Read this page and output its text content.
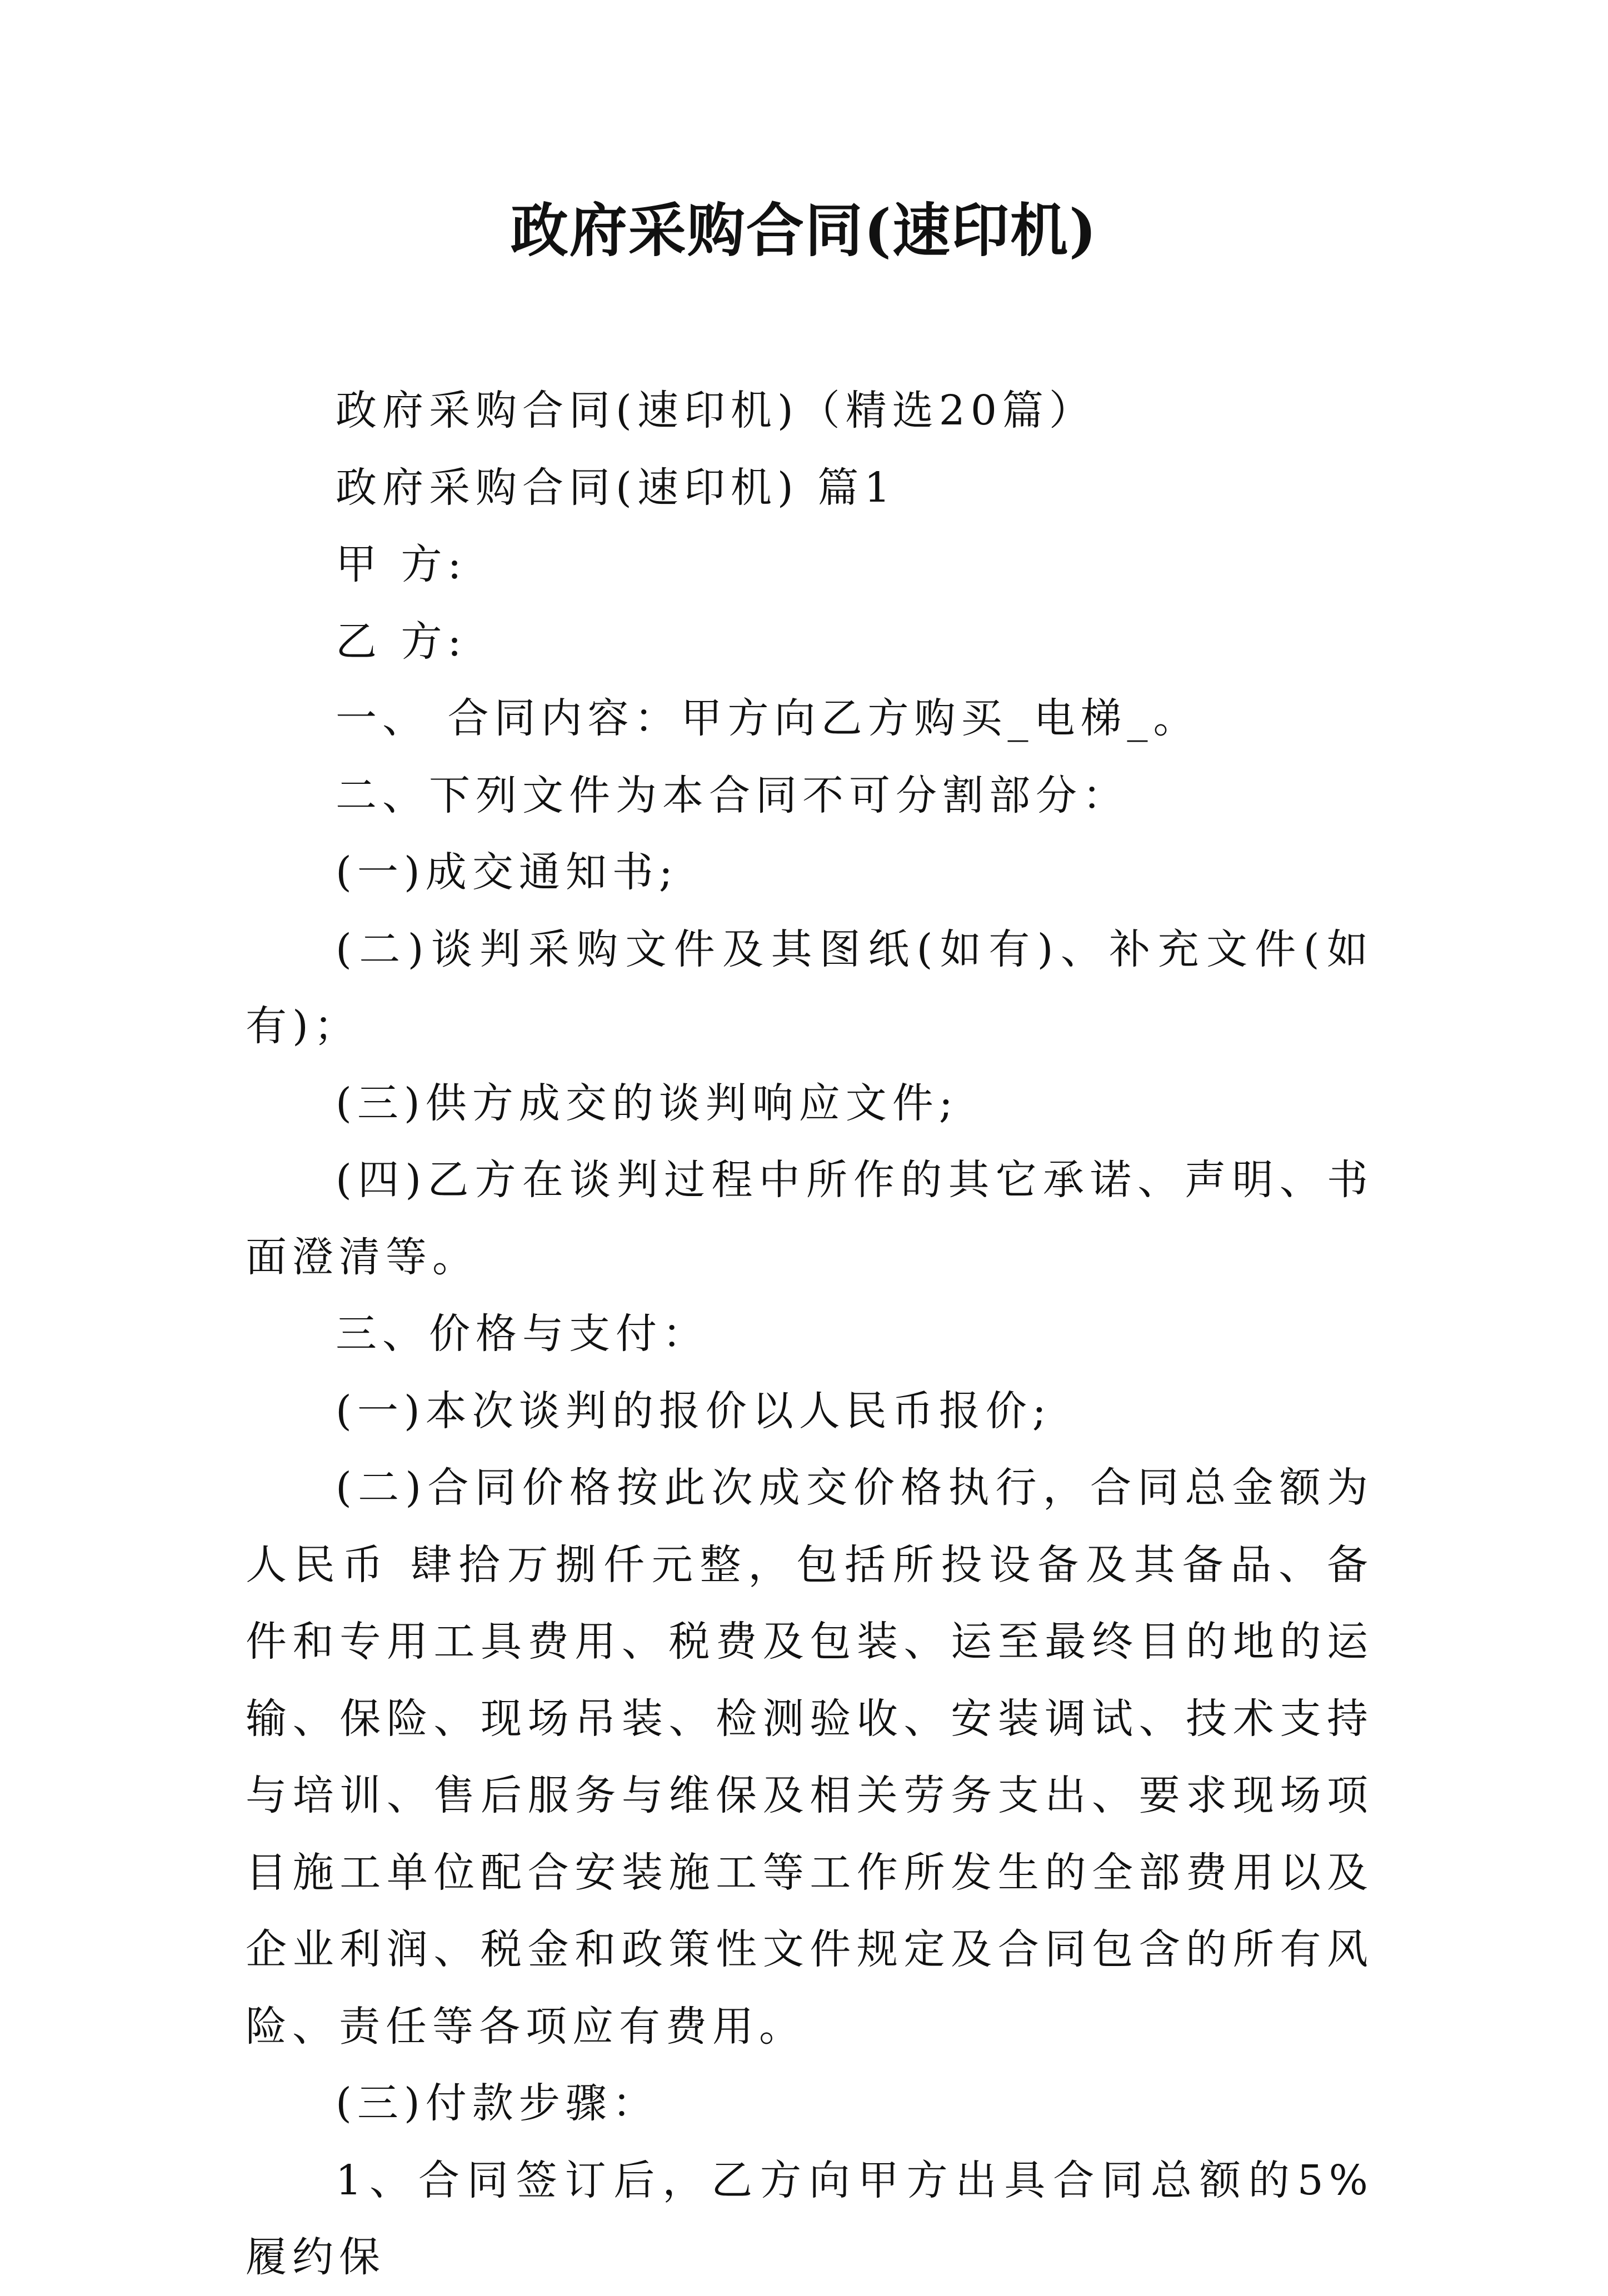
政府采购合同(速印机)

政府采购合同(速印机)（精选20篇）

政府采购合同(速印机) 篇1

甲 方:

乙 方:

一、 合同内容：甲方向乙方购买_电梯_。

二、下列文件为本合同不可分割部分：

(一)成交通知书;

(二)谈判采购文件及其图纸(如有)、补充文件(如有)；

(三)供方成交的谈判响应文件;

(四)乙方在谈判过程中所作的其它承诺、声明、书面澄清等。

三、价格与支付：

(一)本次谈判的报价以人民币报价;

(二)合同价格按此次成交价格执行，合同总金额为人民币 肆拾万捌仟元整，包括所投设备及其备品、备件和专用工具费用、税费及包装、运至最终目的地的运输、保险、现场吊装、检测验收、安装调试、技术支持与培训、售后服务与维保及相关劳务支出、要求现场项目施工单位配合安装施工等工作所发生的全部费用以及企业利润、税金和政策性文件规定及合同包含的所有风险、责任等各项应有费用。

(三)付款步骤：

1、合同签订后，乙方向甲方出具合同总额的5%履约保
